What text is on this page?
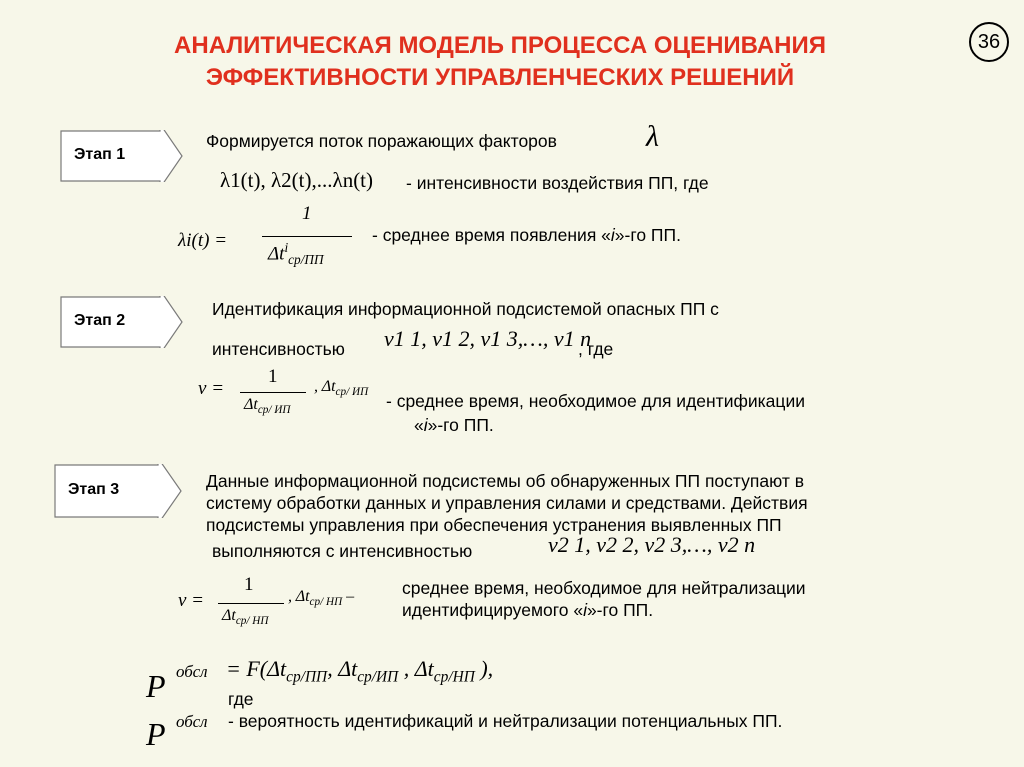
АНАЛИТИЧЕСКАЯ МОДЕЛЬ ПРОЦЕССА ОЦЕНИВАНИЯ
ЭФФЕКТИВНОСТИ УПРАВЛЕНЧЕСКИХ РЕШЕНИЙ
36
Этап 1
Формируется поток поражающих факторов	λ
λ1(t), λ2(t),...λn(t) - интенсивности воздействия ПП, где
λi(t) =
1
$\Delta t^i_{ср/ПП}$
- среднее время появления «i»-го ПП.
Этап 2
Идентификация информационной подсистемой опасных ПП с
интенсивностью ν1 1, ν1 2, ν1 3,…, ν1 n
, где
ν =
1
$\Delta t_{ср/ ИП}$
, $\Delta t_{ср/ ИП}$ - среднее время, необходимое для идентификации
«i»-го ПП.
Этап 3	Данные информационной подсистемы об обнаруженных ПП поступают в
систему обработки данных и управления силами и средствами. Действия
подсистемы управления при обеспечения устранения выявленных ПП
выполняются с интенсивностью	ν2 1, ν2 2, ν2 3,…, ν2 n
ν =
1
$\Delta t_{ср/ НП}$
, $\Delta t_{ср/ НП}$ –	среднее время, необходимое для нейтрализации
идентифицируемого «i»-го ПП.
P обсл = $F(\Delta t_{ср/ПП}$, $\Delta t_{ср/ИП}$ , $\Delta t_{ср/НП}$ ),
где
P обсл - вероятность идентификаций и нейтрализации потенциальных ПП.
